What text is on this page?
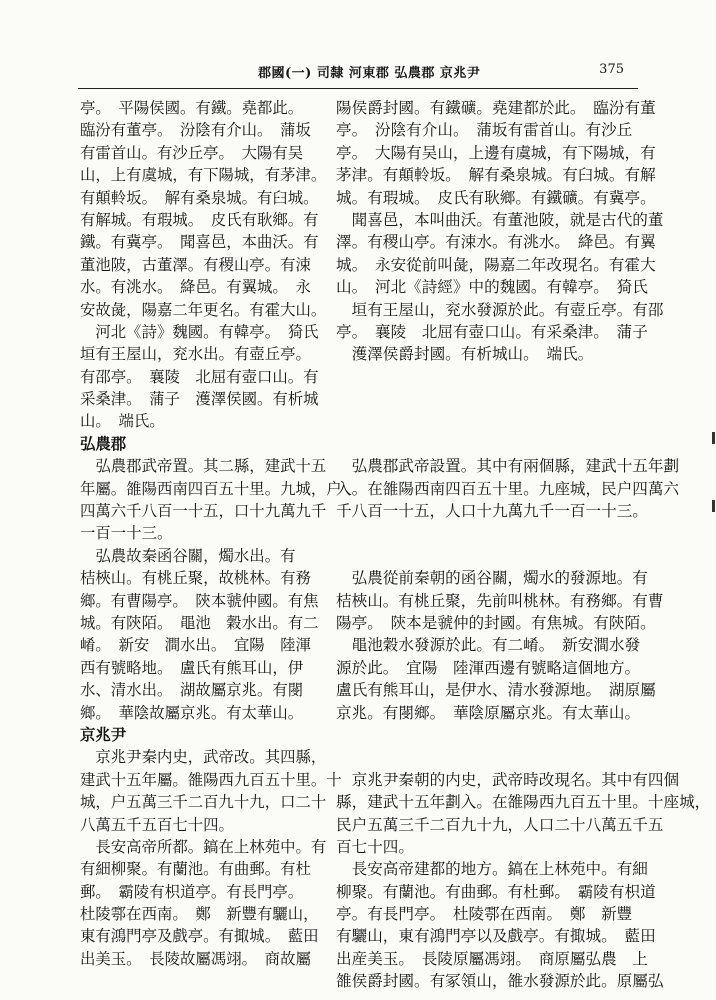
郡國(一) 司隸 河東郡 弘農郡 京兆尹	375
亭。　平陽侯國。有鐵。堯都此。
臨汾有董亭。　汾陰有介山。　蒲坂
有雷首山。有沙丘亭。　大陽有吴
山，上有虞城，有下陽城，有茅津。
有顛軨坂。　解有桑泉城。有臼城。
有解城。有瑕城。　皮氏有耿鄉。有
鐵。有冀亭。　聞喜邑，本曲沃。有
董池陂，古董澤。有稷山亭。有涑
水。有洮水。　絳邑。有翼城。　永
安故彘，陽嘉二年更名。有霍大山。
　河北《詩》魏國。有韓亭。　猗氏
垣有王屋山，兖水出。有壺丘亭。
有邵亭。　襄陵　北屈有壺口山。有
采桑津。　蒲子　濩澤侯國。有析城
山。　端氏。
弘農郡
　弘農郡武帝置。其二縣，建武十五
年屬。雒陽西南四百五十里。九城，户
四萬六千八百一十五，口十九萬九千
一百一十三。
　弘農故秦函谷關，燭水出。有
桔梜山。有桃丘聚，故桃林。有務
鄉。有曹陽亭。　陝本虢仲國。有焦
城。有陝陌。　黽池　穀水出。有二
崤。　新安　澗水出。　宜陽　陸渾
西有號略地。　盧氏有熊耳山，伊
水、清水出。　湖故屬京兆。有閿
鄉。　華陰故屬京兆。有太華山。
京兆尹
　京兆尹秦内史，武帝改。其四縣，
建武十五年屬。雒陽西九百五十里。十
城，户五萬三千二百九十九，口二十
八萬五千五百七十四。
　長安高帝所都。鎬在上林苑中。有
有細柳聚。有蘭池。有曲郵。有杜
郵。　霸陵有枳道亭。有長門亭。
杜陵鄠在西南。　鄭　新豐有驪山，
東有鴻門亭及戲亭。有掫城。　藍田
出美玉。　長陵故屬馮翊。　商故屬
陽侯爵封國。有鐵礦。堯建都於此。　臨汾有董
亭。　汾陰有介山。　蒲坂有雷首山。有沙丘
亭。　大陽有吴山，上邊有虞城，有下陽城，有
茅津。有顛軨坂。　解有桑泉城。有臼城。有解
城。有瑕城。　皮氏有耿鄉。有鐵礦。有冀亭。
　聞喜邑，本叫曲沃。有董池陂，就是古代的董
澤。有稷山亭。有涑水。有洮水。　絳邑。有翼
城。　永安從前叫彘，陽嘉二年改現名。有霍大
山。　河北《詩經》中的魏國。有韓亭。　猗氏
　垣有王屋山，兖水發源於此。有壺丘亭。有邵
亭。　襄陵　北屈有壺口山。有采桑津。　蒲子
　濩澤侯爵封國。有析城山。　端氏。
　弘農郡武帝設置。其中有兩個縣，建武十五年劃
入。在雒陽西南四百五十里。九座城，民户四萬六
千八百一十五，人口十九萬九千一百一十三。
　弘農從前秦朝的函谷關，燭水的發源地。有
桔梜山。有桃丘聚，先前叫桃林。有務鄉。有曹
陽亭。　陝本是虢仲的封國。有焦城。有陝陌。
　黽池穀水發源於此。有二崤。　新安澗水發
源於此。　宜陽　陸渾西邊有號略這個地方。
盧氏有熊耳山，是伊水、清水發源地。　湖原屬
京兆。有閿鄉。　華陰原屬京兆。有太華山。
　京兆尹秦朝的内史，武帝時改現名。其中有四個
縣，建武十五年劃入。在雒陽西九百五十里。十座城，
民户五萬三千二百九十九，人口二十八萬五千五
百七十四。
　長安高帝建都的地方。鎬在上林苑中。有細
柳聚。有蘭池。有曲郵。有杜郵。　霸陵有枳道
亭。有長門亭。　杜陵鄠在西南。　鄭　新豐
有驪山，東有鴻門亭以及戲亭。有掫城。　藍田
出産美玉。　長陵原屬馮翊。　商原屬弘農　上
雒侯爵封國。有冢領山，雒水發源於此。原屬弘
